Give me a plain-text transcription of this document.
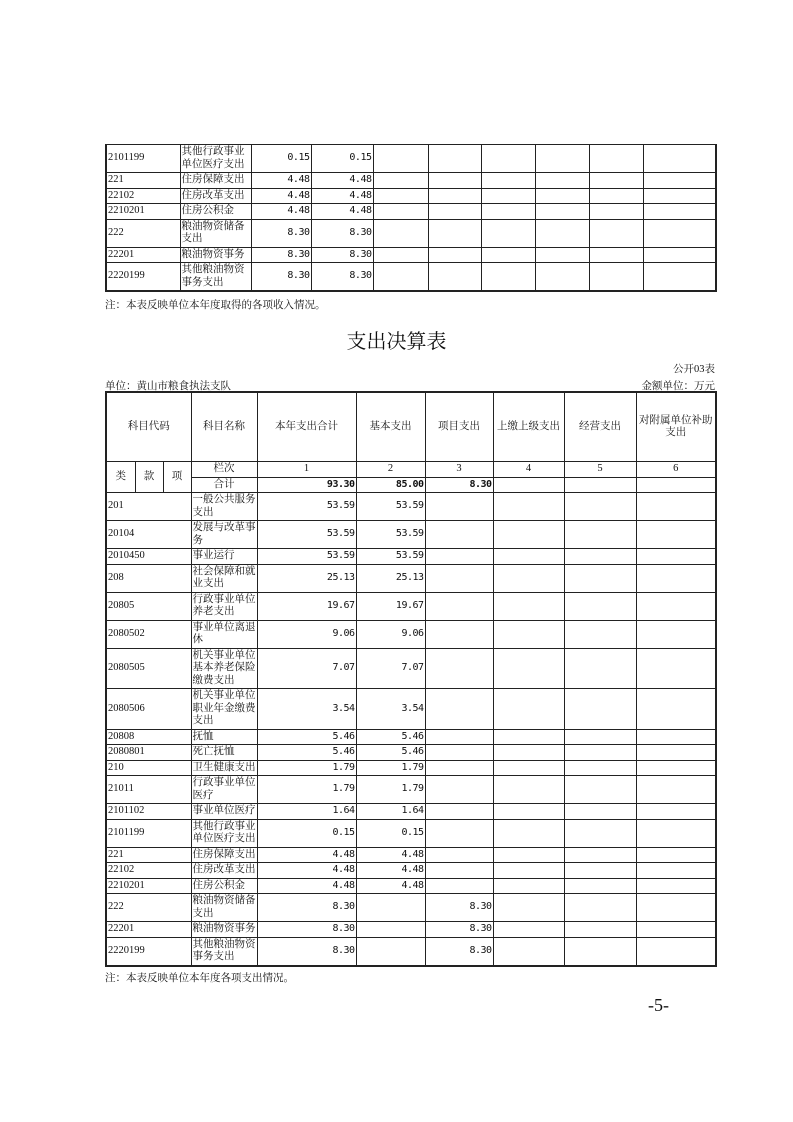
2101199	其他行政事业单位医疗支出	0.15	0.15						
221	住房保障支出	4.48	4.48						
22102	住房改革支出	4.48	4.48						
2210201	住房公积金	4.48	4.48						
222	粮油物资储备支出	8.30	8.30						
22201	粮油物资事务	8.30	8.30						
2220199	其他粮油物资事务支出	8.30	8.30						
注：本表反映单位本年度取得的各项收入情况。
支出决算表
公开03表
单位：黄山市粮食执法支队	金额单位：万元
科目代码			科目名称	本年支出合计	基本支出	项目支出	上缴上级支出	经营支出	对附属单位补助支出
类	款	项	栏次	1	2	3	4	5	6
			合计	93.30	85.00	8.30			
201			一般公共服务支出	53.59	53.59				
20104			发展与改革事务	53.59	53.59				
2010450			事业运行	53.59	53.59				
208			社会保障和就业支出	25.13	25.13				
20805			行政事业单位养老支出	19.67	19.67				
2080502			事业单位离退休	9.06	9.06				
2080505			机关事业单位基本养老保险缴费支出	7.07	7.07				
2080506			机关事业单位职业年金缴费支出	3.54	3.54				
20808			抚恤	5.46	5.46				
2080801			死亡抚恤	5.46	5.46				
210			卫生健康支出	1.79	1.79				
21011			行政事业单位医疗	1.79	1.79				
2101102			事业单位医疗	1.64	1.64				
2101199			其他行政事业单位医疗支出	0.15	0.15				
221			住房保障支出	4.48	4.48				
22102			住房改革支出	4.48	4.48				
2210201			住房公积金	4.48	4.48				
222			粮油物资储备支出	8.30		8.30			
22201			粮油物资事务	8.30		8.30			
2220199			其他粮油物资事务支出	8.30		8.30			
注：本表反映单位本年度各项支出情况。
-5-
